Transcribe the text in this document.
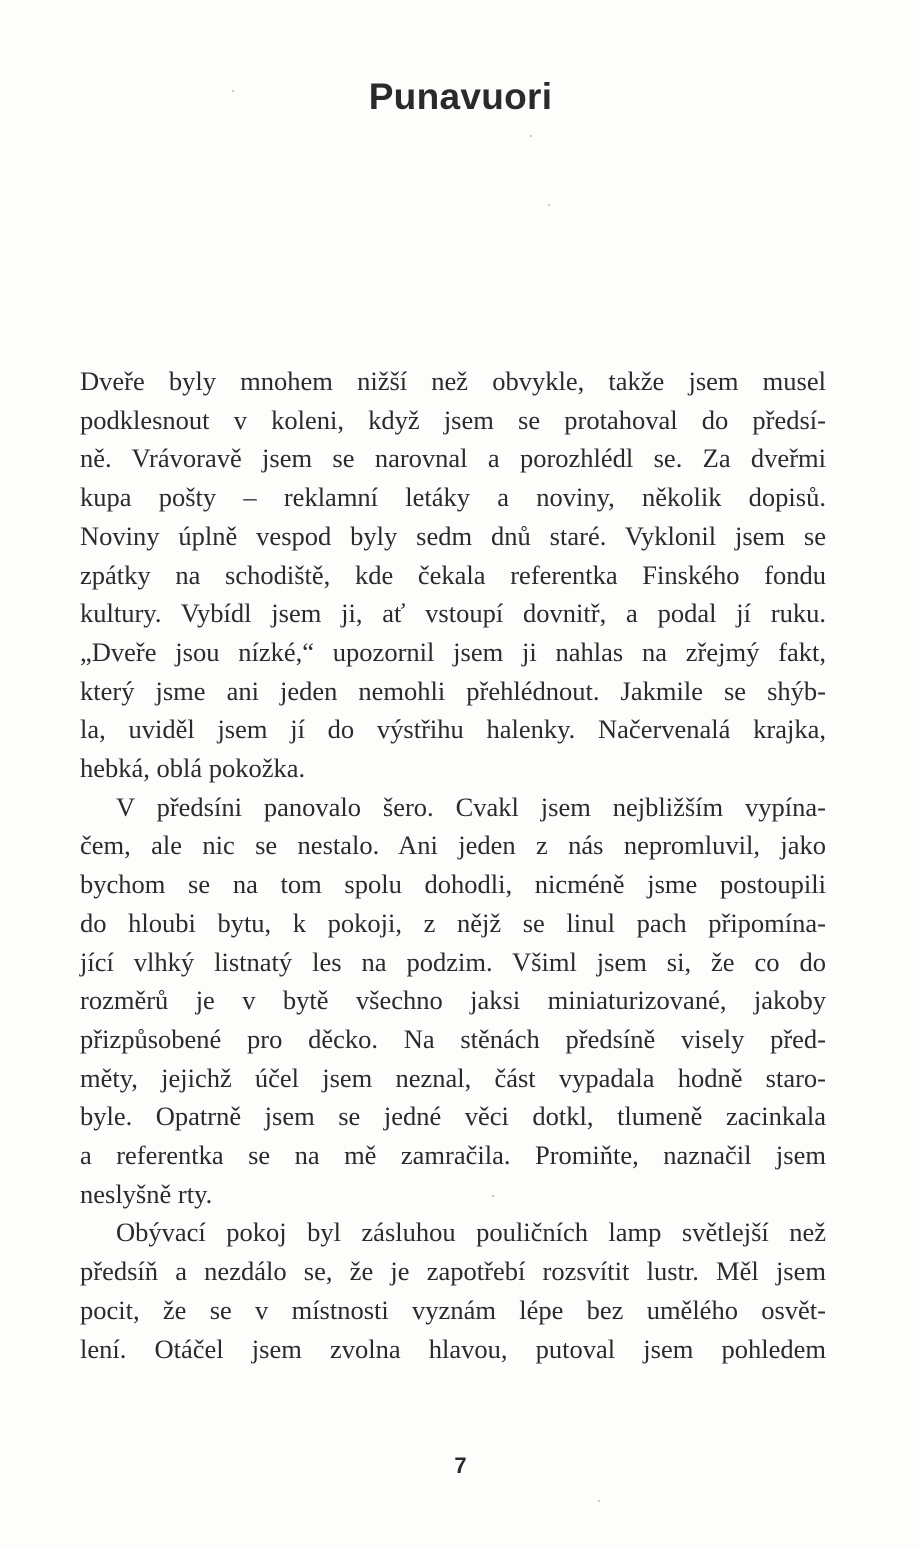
Punavuori
Dveře byly mnohem nižší než obvykle, takže jsem musel
podklesnout v koleni, když jsem se protahoval do předsí-
ně. Vrávoravě jsem se narovnal a porozhlédl se. Za dveřmi
kupa pošty – reklamní letáky a noviny, několik dopisů.
Noviny úplně vespod byly sedm dnů staré. Vyklonil jsem se
zpátky na schodiště, kde čekala referentka Finského fondu
kultury. Vybídl jsem ji, ať vstoupí dovnitř, a podal jí ruku.
„Dveře jsou nízké,“ upozornil jsem ji nahlas na zřejmý fakt,
který jsme ani jeden nemohli přehlédnout. Jakmile se shýb-
la, uviděl jsem jí do výstřihu halenky. Načervenalá krajka,
hebká, oblá pokožka.
V předsíni panovalo šero. Cvakl jsem nejbližším vypína-
čem, ale nic se nestalo. Ani jeden z nás nepromluvil, jako
bychom se na tom spolu dohodli, nicméně jsme postoupili
do hloubi bytu, k pokoji, z nějž se linul pach připomína-
jící vlhký listnatý les na podzim. Všiml jsem si, že co do
rozměrů je v bytě všechno jaksi miniaturizované, jakoby
přizpůsobené pro děcko. Na stěnách předsíně visely před-
měty, jejichž účel jsem neznal, část vypadala hodně staro-
byle. Opatrně jsem se jedné věci dotkl, tlumeně zacinkala
a referentka se na mě zamračila. Promiňte, naznačil jsem
neslyšně rty.
Obývací pokoj byl zásluhou pouličních lamp světlejší než
předsíň a nezdálo se, že je zapotřebí rozsvítit lustr. Měl jsem
pocit, že se v místnosti vyznám lépe bez umělého osvět-
lení. Otáčel jsem zvolna hlavou, putoval jsem pohledem
7
